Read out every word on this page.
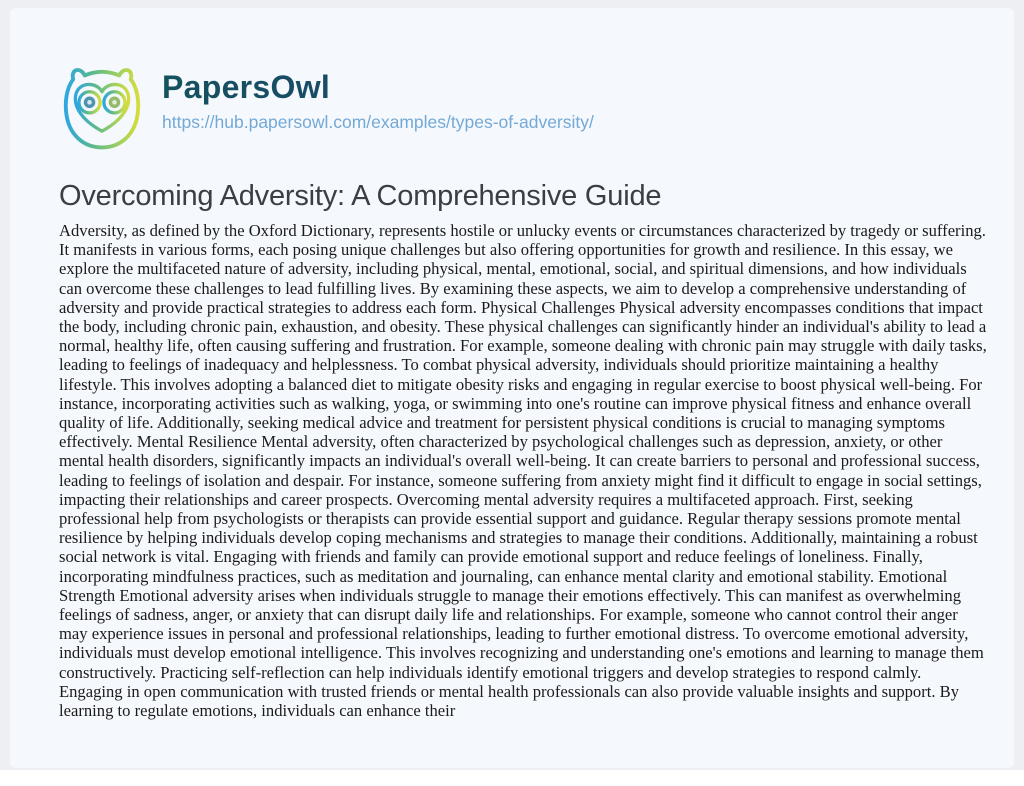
PapersOwl
https://hub.papersowl.com/examples/types-of-adversity/
Overcoming Adversity: A Comprehensive Guide
Adversity, as defined by the Oxford Dictionary, represents hostile or unlucky events or circumstances characterized by tragedy or suffering. It manifests in various forms, each posing unique challenges but also offering opportunities for growth and resilience. In this essay, we explore the multifaceted nature of adversity, including physical, mental, emotional, social, and spiritual dimensions, and how individuals can overcome these challenges to lead fulfilling lives. By examining these aspects, we aim to develop a comprehensive understanding of adversity and provide practical strategies to address each form. Physical Challenges Physical adversity encompasses conditions that impact the body, including chronic pain, exhaustion, and obesity. These physical challenges can significantly hinder an individual's ability to lead a normal, healthy life, often causing suffering and frustration. For example, someone dealing with chronic pain may struggle with daily tasks, leading to feelings of inadequacy and helplessness. To combat physical adversity, individuals should prioritize maintaining a healthy lifestyle. This involves adopting a balanced diet to mitigate obesity risks and engaging in regular exercise to boost physical well-being. For instance, incorporating activities such as walking, yoga, or swimming into one's routine can improve physical fitness and enhance overall quality of life. Additionally, seeking medical advice and treatment for persistent physical conditions is crucial to managing symptoms effectively. Mental Resilience Mental adversity, often characterized by psychological challenges such as depression, anxiety, or other mental health disorders, significantly impacts an individual's overall well-being. It can create barriers to personal and professional success, leading to feelings of isolation and despair. For instance, someone suffering from anxiety might find it difficult to engage in social settings, impacting their relationships and career prospects. Overcoming mental adversity requires a multifaceted approach. First, seeking professional help from psychologists or therapists can provide essential support and guidance. Regular therapy sessions promote mental resilience by helping individuals develop coping mechanisms and strategies to manage their conditions. Additionally, maintaining a robust social network is vital. Engaging with friends and family can provide emotional support and reduce feelings of loneliness. Finally, incorporating mindfulness practices, such as meditation and journaling, can enhance mental clarity and emotional stability. Emotional Strength Emotional adversity arises when individuals struggle to manage their emotions effectively. This can manifest as overwhelming feelings of sadness, anger, or anxiety that can disrupt daily life and relationships. For example, someone who cannot control their anger may experience issues in personal and professional relationships, leading to further emotional distress. To overcome emotional adversity, individuals must develop emotional intelligence. This involves recognizing and understanding one's emotions and learning to manage them constructively. Practicing self-reflection can help individuals identify emotional triggers and develop strategies to respond calmly. Engaging in open communication with trusted friends or mental health professionals can also provide valuable insights and support. By learning to regulate emotions, individuals can enhance their
